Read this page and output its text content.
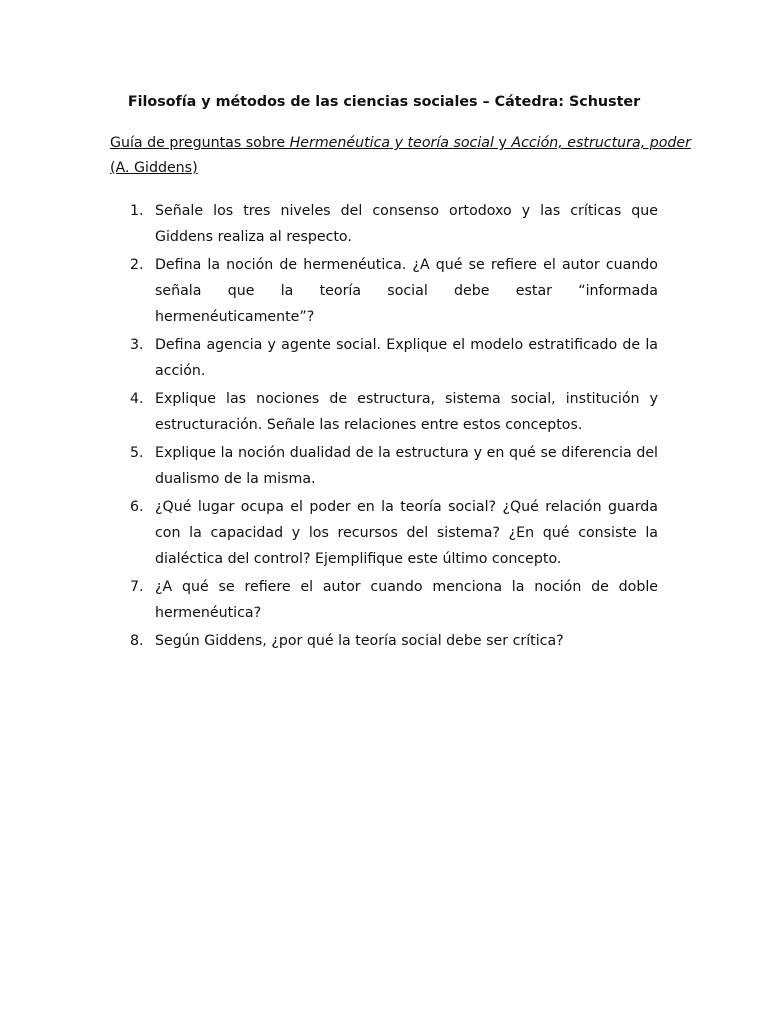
Filosofía y métodos de las ciencias sociales – Cátedra: Schuster
Guía de preguntas sobre Hermenéutica y teoría social y Acción, estructura, poder
(A. Giddens)
1. Señale los tres niveles del consenso ortodoxo y las críticas que Giddens realiza al respecto.
2. Defina la noción de hermenéutica. ¿A qué se refiere el autor cuando señala que la teoría social debe estar “informada hermenéuticamente”?
3. Defina agencia y agente social. Explique el modelo estratificado de la acción.
4. Explique las nociones de estructura, sistema social, institución y estructuración. Señale las relaciones entre estos conceptos.
5. Explique la noción dualidad de la estructura y en qué se diferencia del dualismo de la misma.
6. ¿Qué lugar ocupa el poder en la teoría social? ¿Qué relación guarda con la capacidad y los recursos del sistema? ¿En qué consiste la dialéctica del control? Ejemplifique este último concepto.
7. ¿A qué se refiere el autor cuando menciona la noción de doble hermenéutica?
8. Según Giddens, ¿por qué la teoría social debe ser crítica?
